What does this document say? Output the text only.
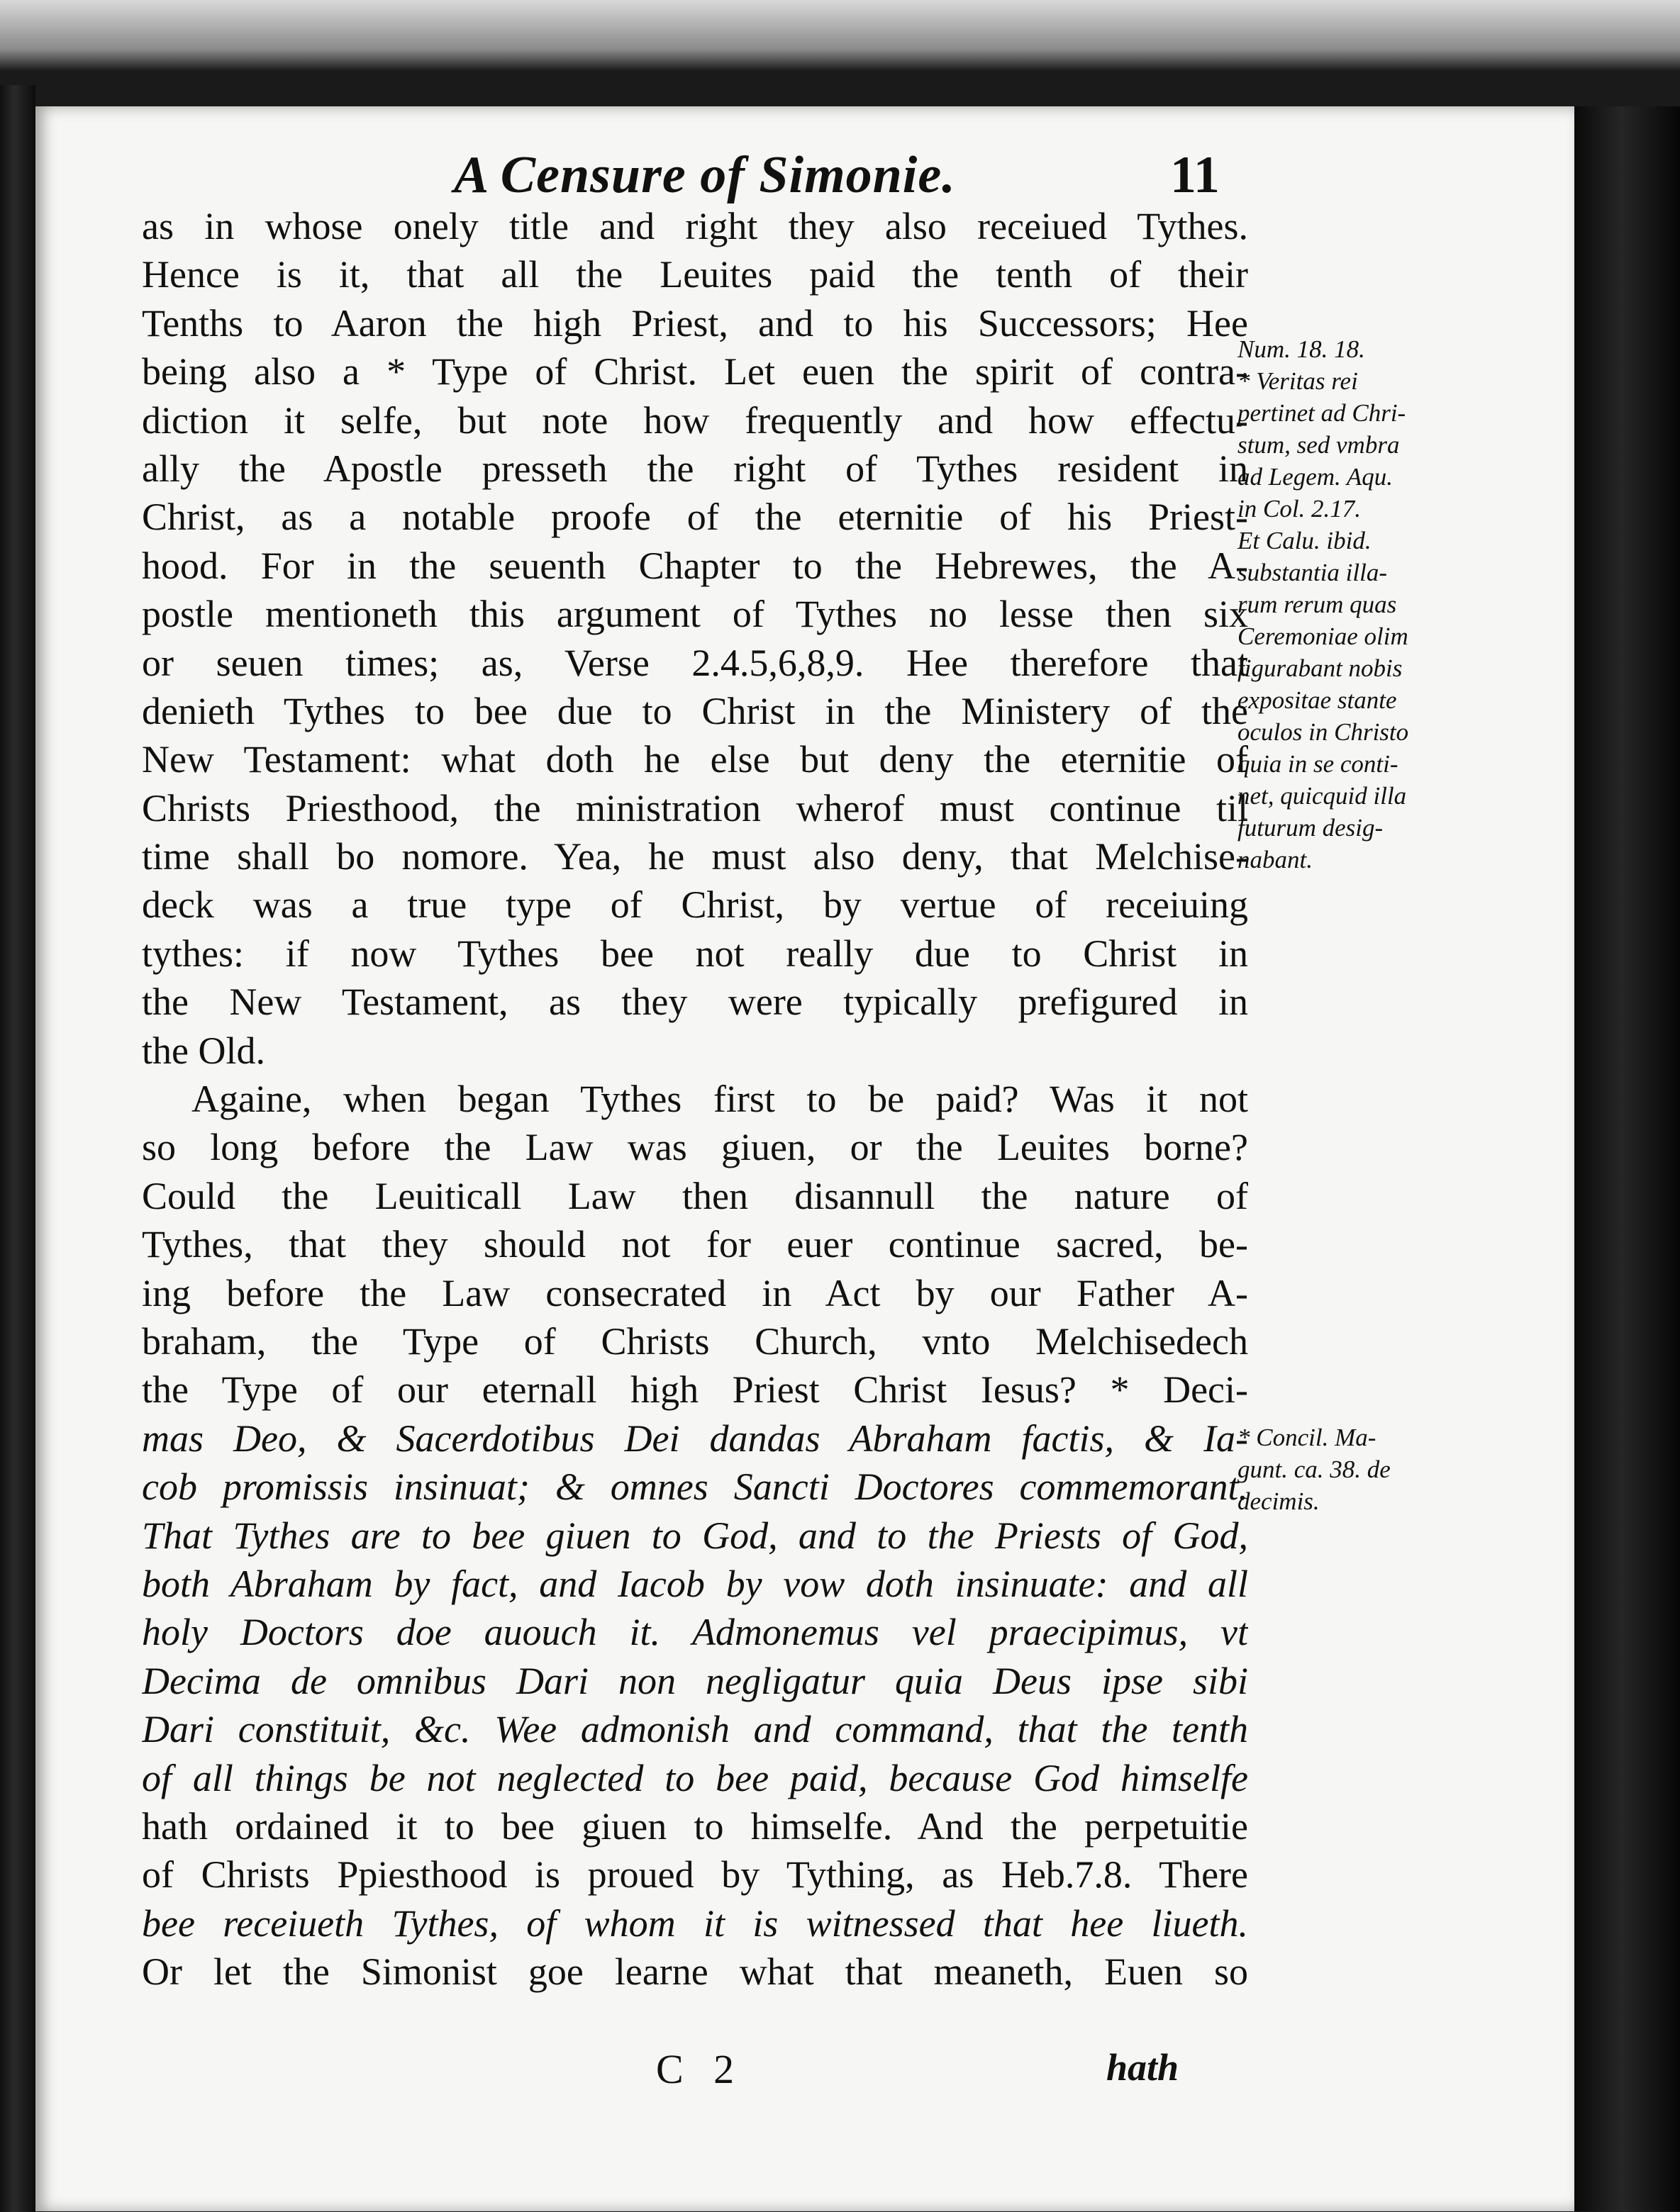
A Censure of Simonie.	11
as in whose onely title and right they also receiued Tythes.
Hence is it, that all the Leuites paid the tenth of their
Tenths to Aaron the high Priest, and to his Successors; Hee
being also a * Type of Christ. Let euen the spirit of contra-
diction it selfe, but note how frequently and how effectu-
ally the Apostle presseth the right of Tythes resident in
Christ, as a notable proofe of the eternitie of his Priest-
hood. For in the seuenth Chapter to the Hebrewes, the A-
postle mentioneth this argument of Tythes no lesse then six
or seuen times; as, Verse 2.4.5,6,8,9. Hee therefore that
denieth Tythes to bee due to Christ in the Ministery of the
New Testament: what doth he else but deny the eternitie of
Christs Priesthood, the ministration wherof must continue til
time shall bo nomore. Yea, he must also deny, that Melchise-
deck was a true type of Christ, by vertue of receiuing
tythes: if now Tythes bee not really due to Christ in
the New Testament, as they were typically prefigured in
the Old.
Againe, when began Tythes first to be paid? Was it not
so long before the Law was giuen, or the Leuites borne?
Could the Leuiticall Law then disannull the nature of
Tythes, that they should not for euer continue sacred, be-
ing before the Law consecrated in Act by our Father A-
braham, the Type of Christs Church, vnto Melchisedech
the Type of our eternall high Priest Christ Iesus? * Deci-
mas Deo, & Sacerdotibus Dei dandas Abraham factis, & Ia-
cob promissis insinuat; & omnes Sancti Doctores commemorant.
That Tythes are to bee giuen to God, and to the Priests of God,
both Abraham by fact, and Iacob by vow doth insinuate: and all
holy Doctors doe auouch it. Admonemus vel praecipimus, vt
Decima de omnibus Dari non negligatur quia Deus ipse sibi
Dari constituit, &c. Wee admonish and command, that the tenth
of all things be not neglected to bee paid, because God himselfe
hath ordained it to bee giuen to himselfe. And the perpetuitie
of Christs Ppiesthood is proued by Tything, as Heb.7.8. There
bee receiueth Tythes, of whom it is witnessed that hee liueth.
Or let the Simonist goe learne what that meaneth, Euen so
Num. 18. 18.
* Veritas rei
pertinet ad Chri-
stum, sed vmbra
ad Legem. Aqu.
in Col. 2.17.
Et Calu. ibid.
substantia illa-
rum rerum quas
Ceremoniae olim
figurabant nobis
expositae stante
oculos in Christo
quia in se conti-
net, quicquid illa
futurum desig-
nabant.
* Concil. Ma-
gunt. ca. 38. de
decimis.
C 2	hath
